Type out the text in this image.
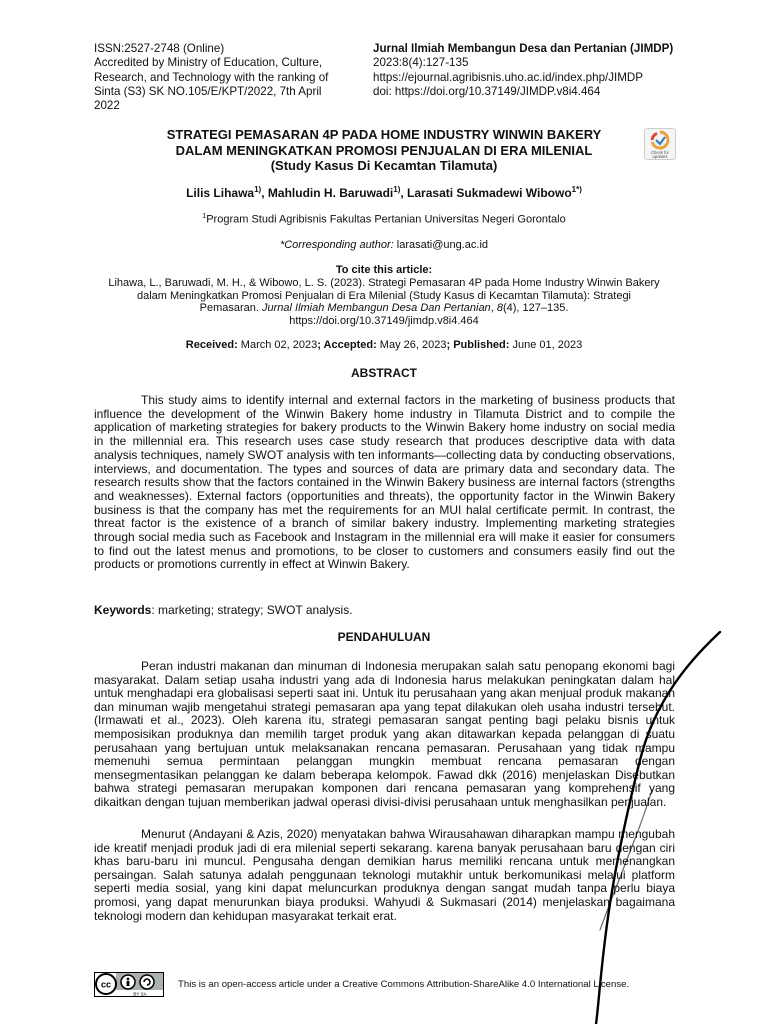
ISSN:2527-2748 (Online)
Accredited by Ministry of Education, Culture,
Research, and Technology with the ranking of
Sinta (S3) SK NO.105/E/KPT/2022, 7th April
2022
Jurnal Ilmiah Membangun Desa dan Pertanian (JIMDP)
2023:8(4):127-135
https://ejournal.agribisnis.uho.ac.id/index.php/JIMDP
doi: https://doi.org/10.37149/JIMDP.v8i4.464
STRATEGI PEMASARAN 4P PADA HOME INDUSTRY WINWIN BAKERY
DALAM MENINGKATKAN PROMOSI PENJUALAN DI ERA MILENIAL
(Study Kasus Di Kecamtan Tilamuta)
Check for
updates
Lilis Lihawa$^{1)}$, Mahludin H. Baruwadi$^{1)}$, Larasati Sukmadewi Wibowo$^{1*)}$
$^1$Program Studi Agribisnis Fakultas Pertanian Universitas Negeri Gorontalo
*Corresponding author: larasati@ung.ac.id
To cite this article:
Lihawa, L., Baruwadi, M. H., & Wibowo, L. S. (2023). Strategi Pemasaran 4P pada Home Industry Winwin Bakery
dalam Meningkatkan Promosi Penjualan di Era Milenial (Study Kasus di Kecamtan Tilamuta): Strategi
Pemasaran. Jurnal Ilmiah Membangun Desa Dan Pertanian, 8(4), 127–135.
https://doi.org/10.37149/jimdp.v8i4.464
Received: March 02, 2023; Accepted: May 26, 2023; Published: June 01, 2023
ABSTRACT

This study aims to identify internal and external factors in the marketing of business products that influence the development of the Winwin Bakery home industry in Tilamuta District and to compile the application of marketing strategies for bakery products to the Winwin Bakery home industry on social media in the millennial era. This research uses case study research that produces descriptive data with data analysis techniques, namely SWOT analysis with ten informants—collecting data by conducting observations, interviews, and documentation. The types and sources of data are primary data and secondary data. The research results show that the factors contained in the Winwin Bakery business are internal factors (strengths and weaknesses). External factors (opportunities and threats), the opportunity factor in the Winwin Bakery business is that the company has met the requirements for an MUI halal certificate permit. In contrast, the threat factor is the existence of a branch of similar bakery industry. Implementing marketing strategies through social media such as Facebook and Instagram in the millennial era will make it easier for consumers to find out the latest menus and promotions, to be closer to customers and consumers easily find out the products or promotions currently in effect at Winwin Bakery.

Keywords: marketing; strategy; SWOT analysis.
PENDAHULUAN

Peran industri makanan dan minuman di Indonesia merupakan salah satu penopang ekonomi bagi masyarakat. Dalam setiap usaha industri yang ada di Indonesia harus melakukan peningkatan dalam hal untuk menghadapi era globalisasi seperti saat ini. Untuk itu perusahaan yang akan menjual produk makanan dan minuman wajib mengetahui strategi pemasaran apa yang tepat dilakukan oleh usaha industri tersebut.(Irmawati et al., 2023). Oleh karena itu, strategi pemasaran sangat penting bagi pelaku bisnis untuk memposisikan produknya dan memilih target produk yang akan ditawarkan kepada pelanggan di suatu perusahaan yang bertujuan untuk melaksanakan rencana pemasaran. Perusahaan yang tidak mampu memenuhi semua permintaan pelanggan mungkin membuat rencana pemasaran dengan mensegmentasikan pelanggan ke dalam beberapa kelompok. Fawad dkk (2016) menjelaskan Disebutkan bahwa strategi pemasaran merupakan komponen dari rencana pemasaran yang komprehensif yang dikaitkan dengan tujuan memberikan jadwal operasi divisi-divisi perusahaan untuk menghasilkan penjualan.

Menurut (Andayani & Azis, 2020) menyatakan bahwa Wirausahawan diharapkan mampu mengubah ide kreatif menjadi produk jadi di era milenial seperti sekarang. karena banyak perusahaan baru dengan ciri khas baru-baru ini muncul. Pengusaha dengan demikian harus memiliki rencana untuk memenangkan persaingan. Salah satunya adalah penggunaan teknologi mutakhir untuk berkomunikasi melalui platform seperti media sosial, yang kini dapat meluncurkan produknya dengan sangat mudah tanpa perlu biaya promosi, yang dapat menurunkan biaya produksi. Wahyudi & Sukmasari (2014) menjelaskan bagaimana teknologi modern dan kehidupan masyarakat terkait erat.

cc
BY SA
This is an open-access article under a Creative Commons Attribution-ShareAlike 4.0 International License.
